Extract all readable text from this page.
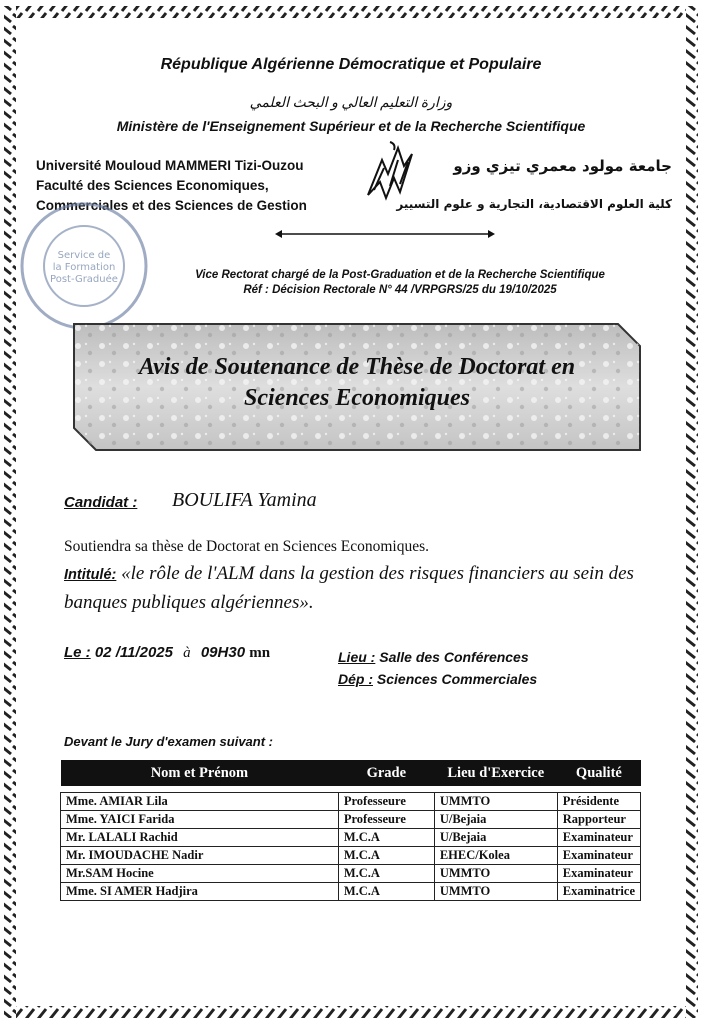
République Algérienne Démocratique et Populaire
وزارة التعليم العالي و البحث العلمي
Ministère de l'Enseignement Supérieur et de la Recherche Scientifique
Université Mouloud MAMMERI Tizi-Ouzou
Faculté des Sciences Economiques,
Commerciales et des Sciences de Gestion
جامعة مولود معمري تيزي وزو
كلية العلوم الاقتصادية، التجارية و علوم التسيير
Service de
la Formation
Post-Graduée	Vice Rectorat chargé de la Post-Graduation et de la Recherche Scientifique
Réf : Décision Rectorale N° 44 /VRPGRS/25 du 19/10/2025
Avis de Soutenance de Thèse de Doctorat en
Sciences Economiques
Candidat : BOULIFA Yamina
Soutiendra sa thèse de Doctorat en Sciences Economiques.
Intitulé: «le rôle de l'ALM dans la gestion des risques financiers au sein des banques publiques algériennes».
Le : 02 /11/2025 à 09H30 mn	Lieu : Salle des Conférences
Dép : Sciences Commerciales
Devant le Jury d'examen suivant :
Nom et Prénom	Grade	Lieu d'Exercice	Qualité

Mme. AMIAR Lila	Professeure	UMMTO	Présidente
Mme. YAICI Farida	Professeure	U/Bejaia	Rapporteur
Mr. LALALI Rachid	M.C.A	U/Bejaia	Examinateur
Mr. IMOUDACHE Nadir	M.C.A	EHEC/Kolea	Examinateur
Mr.SAM Hocine	M.C.A	UMMTO	Examinateur
Mme. SI AMER Hadjira	M.C.A	UMMTO	Examinatrice
